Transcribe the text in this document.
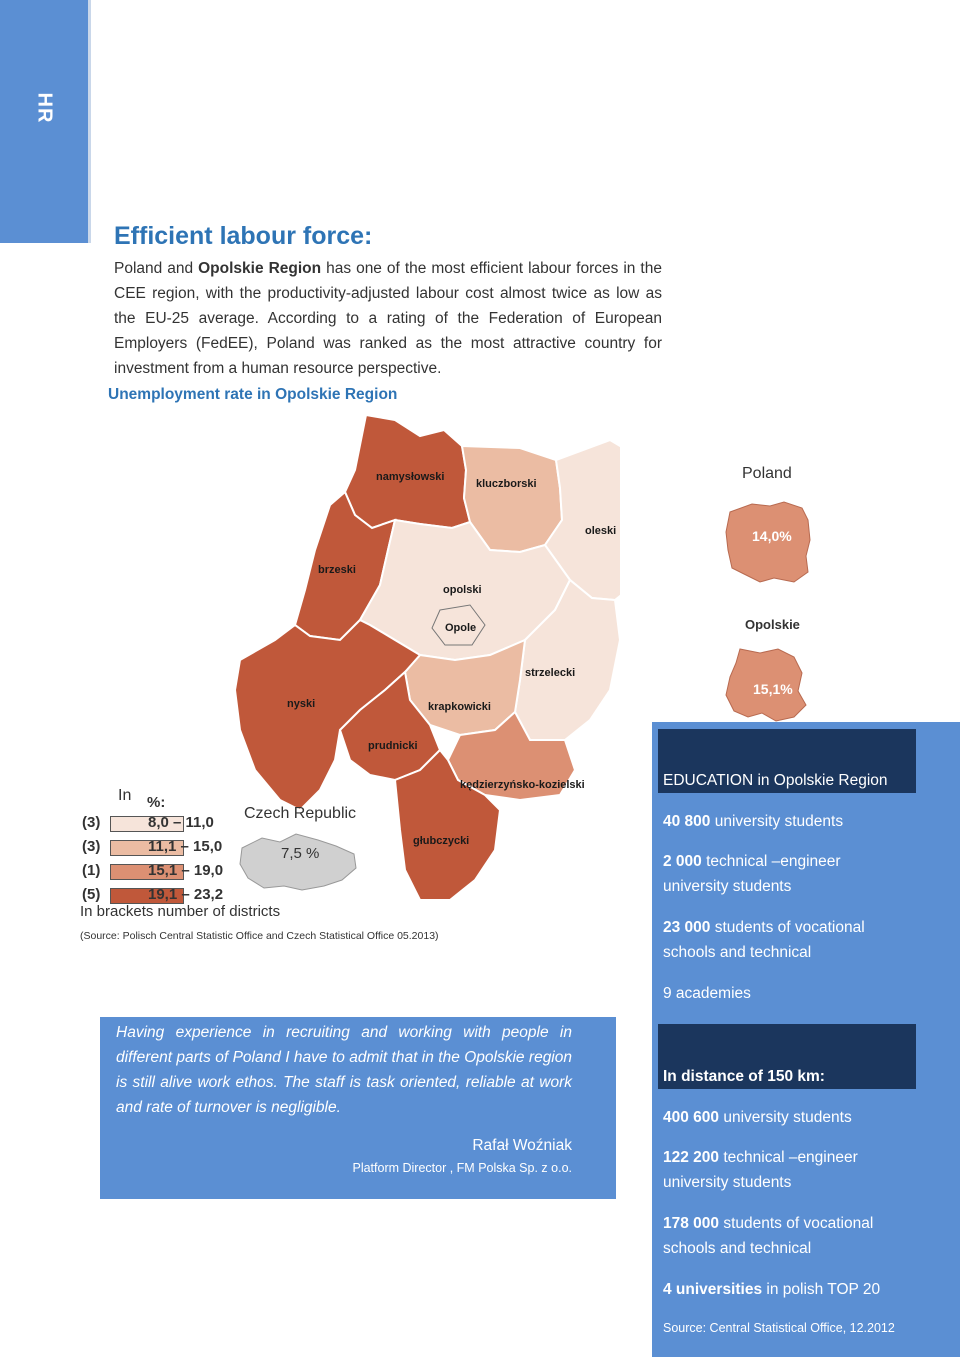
HR
Efficient labour force:
Poland and Opolskie Region has one of the most efficient labour forces in the CEE region, with the productivity-adjusted labour cost almost twice as low as the EU-25 average. According to a rating of the Federation of European Employers (FedEE), Poland was ranked as the most attractive country for investment from a human resource perspective.
Unemployment rate in Opolskie Region
namysłowski
kluczborski
oleski
brzeski
opolski
Opole
strzelecki
nyski	krapkowicki
prudnicki
kędzierzyńsko-kozielski
głubczycki
Poland
14,0%
Opolskie
15,1%
In %:
(3)	8,0 – 11,0
(3)	11,1 – 15,0
(1)	15,1 – 19,0
(5)	19,1 – 23,2
Czech Republic
7,5 %
In brackets number of districts
(Source: Polisch Central Statistic Office and Czech Statistical Office 05.2013)
Having experience in recruiting and working with people in different parts of Poland I have to admit that in the Opolskie region is still alive work ethos. The staff is task oriented, reliable at work and rate of turnover is negligible.
Rafał Woźniak
Platform Director , FM Polska Sp. z o.o.
EDUCATION in Opolskie Region
40 800 university students
2 000 technical –engineer university students
23 000 students of vocational schools and technical
9 academies
In distance of 150 km:
400 600 university students
122 200 technical –engineer university students
178 000 students of vocational schools and technical
4 universities in polish TOP 20
Source: Central Statistical Office, 12.2012
